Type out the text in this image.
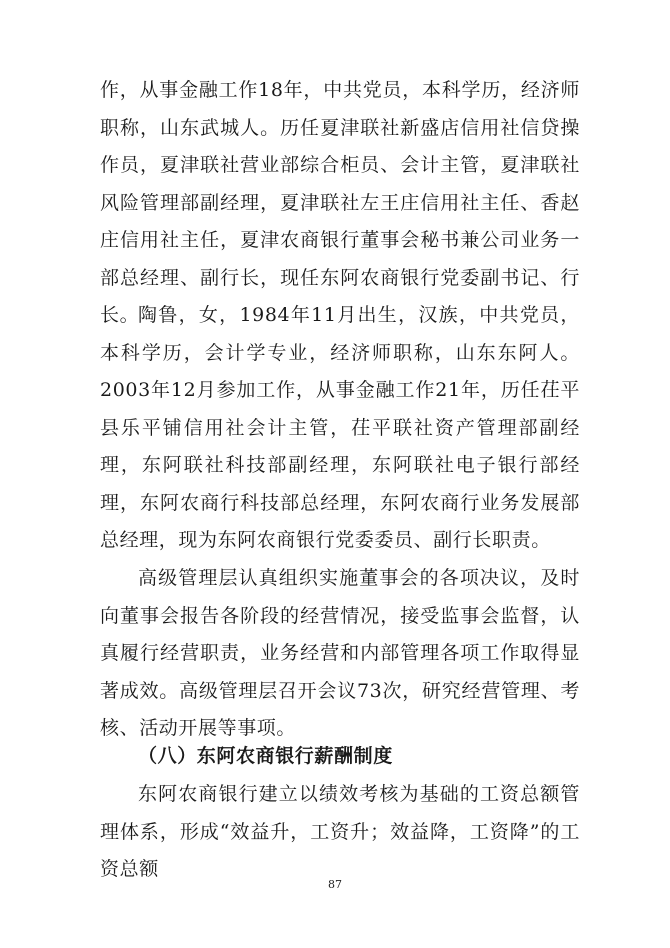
作，从事金融工作18年，中共党员，本科学历，经济师职称，山东武城人。历任夏津联社新盛店信用社信贷操作员，夏津联社营业部综合柜员、会计主管，夏津联社风险管理部副经理，夏津联社左王庄信用社主任、香赵庄信用社主任，夏津农商银行董事会秘书兼公司业务一部总经理、副行长，现任东阿农商银行党委副书记、行长。

陶鲁，女，1984年11月出生，汉族，中共党员，本科学历，会计学专业，经济师职称，山东东阿人。2003年12月参加工作，从事金融工作21年，历任茌平县乐平铺信用社会计主管，茌平联社资产管理部副经理，东阿联社科技部副经理，东阿联社电子银行部经理，东阿农商行科技部总经理，东阿农商行业务发展部总经理，现为东阿农商银行党委委员、副行长职责。

高级管理层认真组织实施董事会的各项决议，及时向董事会报告各阶段的经营情况，接受监事会监督，认真履行经营职责，业务经营和内部管理各项工作取得显著成效。高级管理层召开会议73次，研究经营管理、考核、活动开展等事项。

（八）东阿农商银行薪酬制度

东阿农商银行建立以绩效考核为基础的工资总额管理体系，形成“效益升，工资升；效益降，工资降”的工资总额

87
